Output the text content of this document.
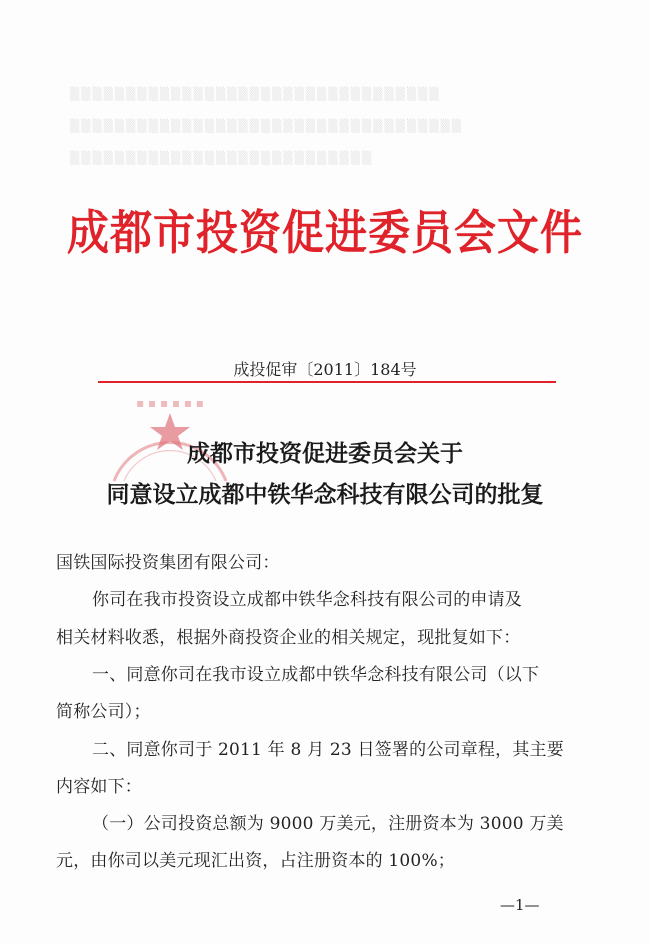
▒▒▒▒▒▒▒▒▒▒▒▒▒▒▒▒▒▒▒▒▒▒▒▒▒▒▒▒▒▒▒▒▒
▒▒▒▒▒▒▒▒▒▒▒▒▒▒▒▒▒▒▒▒▒▒▒▒▒▒▒▒▒▒▒▒▒▒▒
▒▒▒▒▒▒▒▒▒▒▒▒▒▒▒▒▒▒▒▒▒▒▒▒▒▒▒
成都市投资促进委员会文件
成投促审〔2011〕184号
▪ ▪ ▪ ▪ ▪ ▪
成都市投资促进委员会关于
同意设立成都中铁华念科技有限公司的批复
国铁国际投资集团有限公司：
你司在我市投资设立成都中铁华念科技有限公司的申请及
相关材料收悉，根据外商投资企业的相关规定，现批复如下：
一、同意你司在我市设立成都中铁华念科技有限公司（以下
简称公司）；
二、同意你司于 2011 年 8 月 23 日签署的公司章程，其主要
内容如下：
（一）公司投资总额为 9000 万美元，注册资本为 3000 万美
元，由你司以美元现汇出资，占注册资本的 100%；
—1—
